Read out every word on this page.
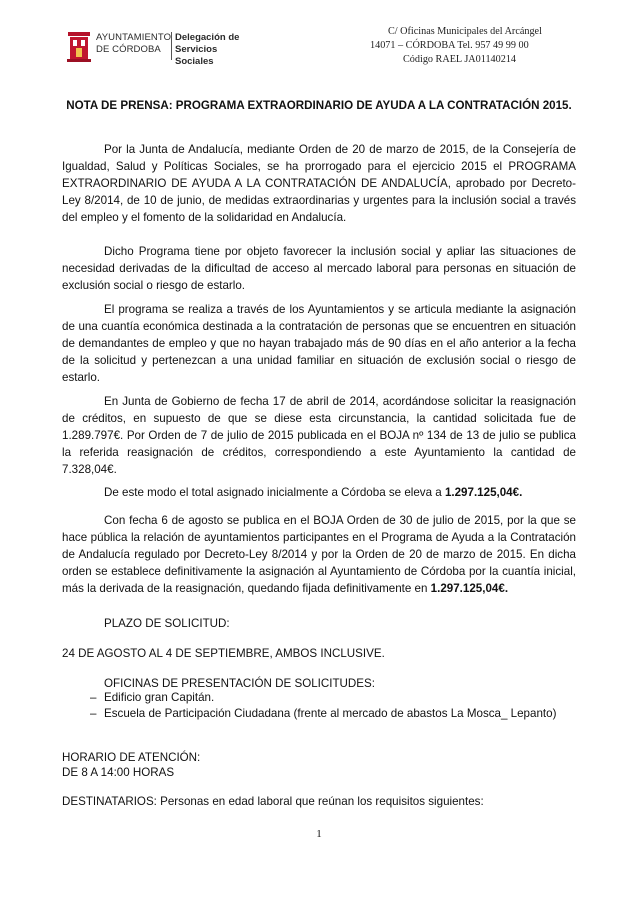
AYUNTAMIENTO
DE CÓRDOBA
Delegación de
Servicios Sociales
C/ Oficinas Municipales del Arcángel
14071 – CÓRDOBA Tel. 957 49 99 00
Código RAEL JA01140214
NOTA DE PRENSA: PROGRAMA EXTRAORDINARIO DE AYUDA A LA CONTRATACIÓN 2015.
Por la Junta de Andalucía, mediante Orden de 20 de marzo de 2015, de la Consejería de Igualdad, Salud y Políticas Sociales, se ha prorrogado para el ejercicio 2015 el PROGRAMA EXTRAORDINARIO DE AYUDA A LA CONTRATACIÓN DE ANDALUCÍA, aprobado por Decreto-Ley 8/2014, de 10 de junio, de medidas extraordinarias y urgentes para la inclusión social a través del empleo y el fomento de la solidaridad en Andalucía.
Dicho Programa tiene por objeto favorecer la inclusión social y apliar las situaciones de necesidad derivadas de la dificultad de acceso al mercado laboral para personas en situación de exclusión social o riesgo de estarlo.
El programa se realiza a través de los Ayuntamientos y se articula mediante la asignación de una cuantía económica destinada a la contratación de personas que se encuentren en situación de demandantes de empleo y que no hayan trabajado más de 90 días en el año anterior a la fecha de la solicitud y pertenezcan a una unidad familiar en situación de exclusión social o riesgo de estarlo.
En Junta de Gobierno de fecha 17 de abril de 2014, acordándose solicitar la reasignación de créditos, en supuesto de que se diese esta circunstancia, la cantidad solicitada fue de 1.289.797€. Por Orden de 7 de julio de 2015 publicada en el BOJA nº 134 de 13 de julio se publica la referida reasignación de créditos, correspondiendo a este Ayuntamiento la cantidad de 7.328,04€.
De este modo el total asignado inicialmente a Córdoba se eleva a 1.297.125,04€.
Con fecha 6 de agosto se publica en el BOJA Orden de 30 de julio de 2015, por la que se hace pública la relación de ayuntamientos participantes en el Programa de Ayuda a la Contratación de Andalucía regulado por Decreto-Ley 8/2014 y por la Orden de 20 de marzo de 2015. En dicha orden se establece definitivamente la asignación al Ayuntamiento de Córdoba por la cuantía inicial, más la derivada de la reasignación, quedando fijada definitivamente en 1.297.125,04€.
PLAZO DE SOLICITUD:
24 DE AGOSTO AL 4 DE SEPTIEMBRE, AMBOS INCLUSIVE.
OFICINAS DE PRESENTACIÓN DE SOLICITUDES:
– Edificio gran Capitán.
– Escuela de Participación Ciudadana (frente al mercado de abastos La Mosca_ Lepanto)
HORARIO DE ATENCIÓN:
DE 8 A 14:00 HORAS
DESTINATARIOS: Personas en edad laboral que reúnan los requisitos siguientes:
1
